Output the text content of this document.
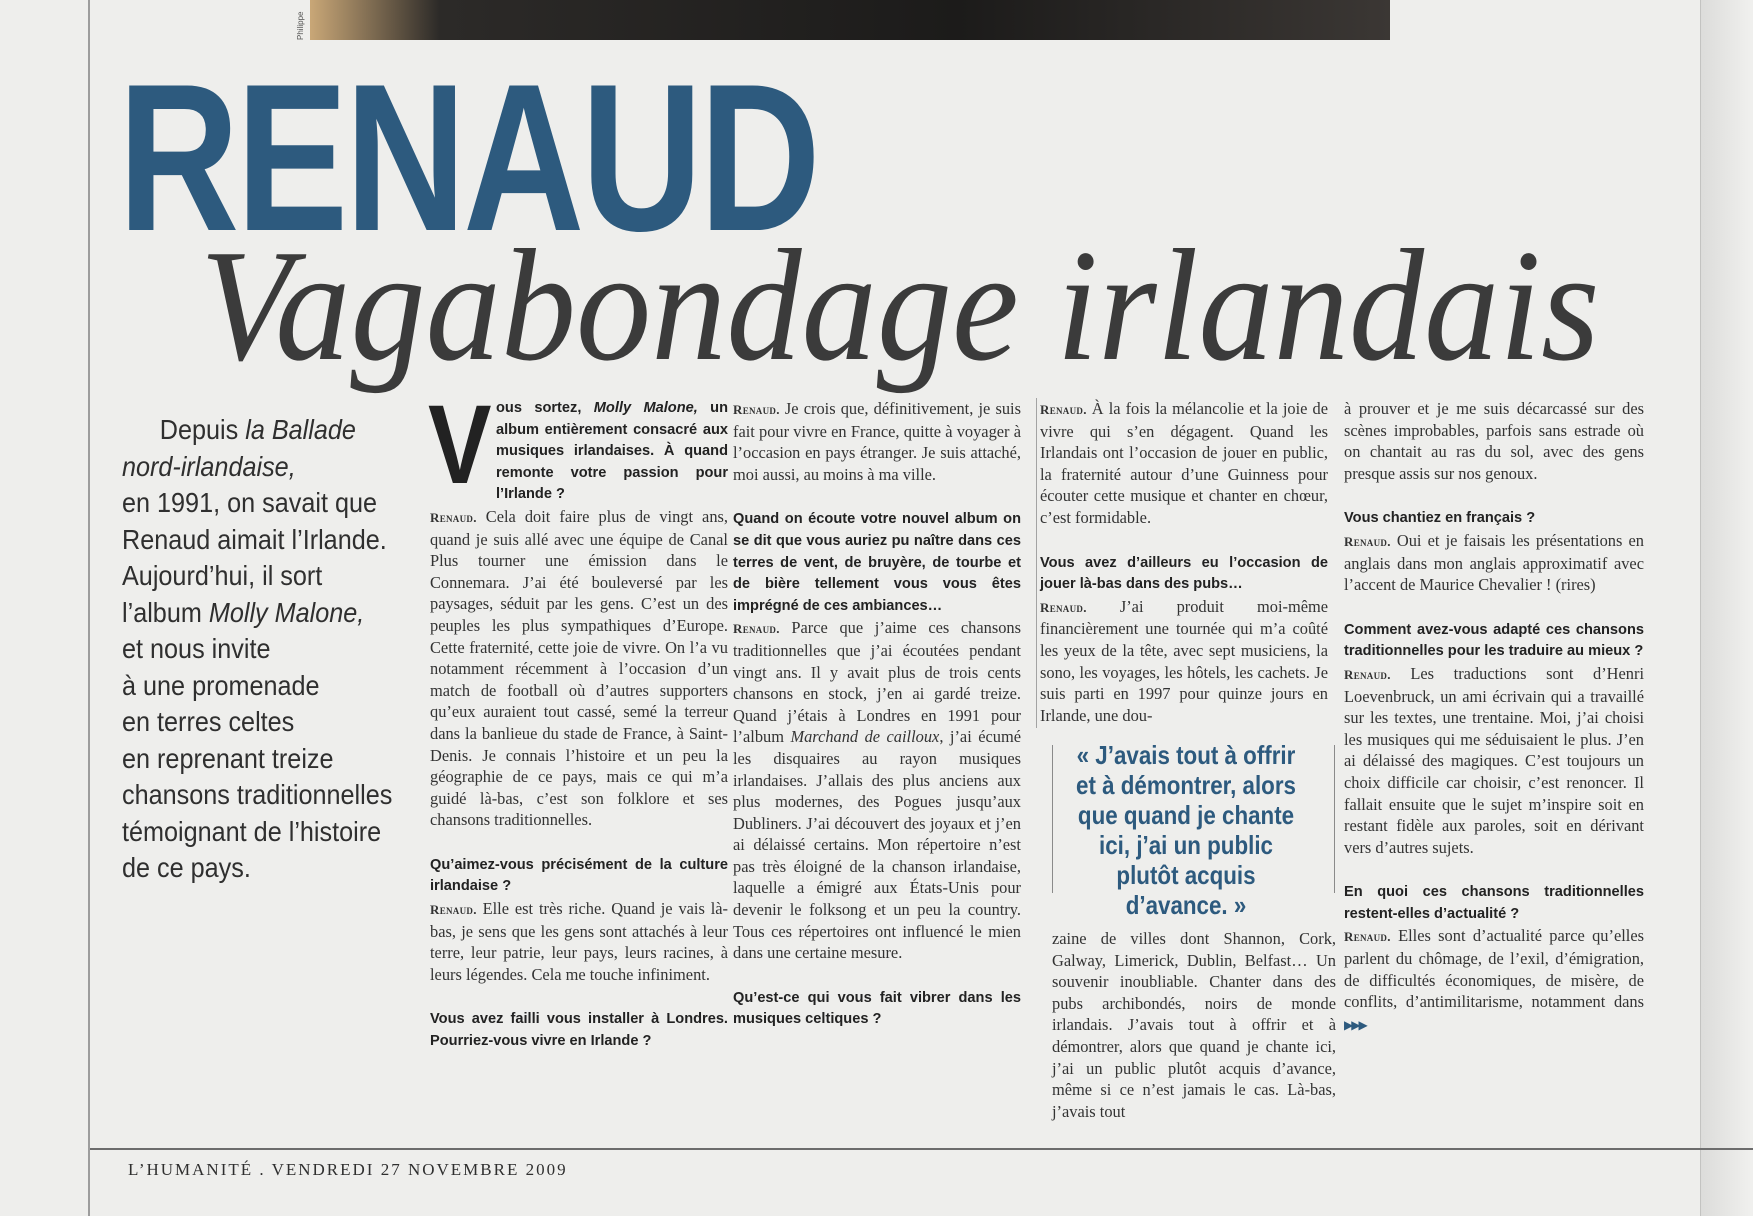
Philippe
RENAUD
Vagabondage irlandais
Depuis la Ballade
nord-irlandaise,
en 1991, on savait que
Renaud aimait l’Irlande.
Aujourd’hui, il sort
l’album Molly Malone,
et nous invite
à une promenade
en terres celtes
en reprenant treize
chansons traditionnelles
témoignant de l’histoire
de ce pays.
V ous sortez, Molly Malone, un album entièrement consacré aux musiques irlandaises. À quand remonte votre passion pour l’Irlande ?

Renaud. Cela doit faire plus de vingt ans, quand je suis allé avec une équipe de Canal Plus tourner une émission dans le Connemara. J’ai été bouleversé par les paysages, séduit par les gens. C’est un des peuples les plus sympathiques d’Europe. Cette fraternité, cette joie de vivre. On l’a vu notamment récemment à l’occasion d’un match de football où d’autres supporters qu’eux auraient tout cassé, semé la terreur dans la banlieue du stade de France, à Saint-Denis. Je connais l’histoire et un peu la géographie de ce pays, mais ce qui m’a guidé là-bas, c’est son folklore et ses chansons traditionnelles.

Qu’aimez-vous précisément de la culture irlandaise ?

Renaud. Elle est très riche. Quand je vais là-bas, je sens que les gens sont attachés à leur terre, leur patrie, leur pays, leurs racines, à leurs légendes. Cela me touche infiniment.

Vous avez failli vous installer à Londres. Pourriez-vous vivre en Irlande ?

Renaud. Je crois que, définitivement, je suis fait pour vivre en France, quitte à voyager à l’occasion en pays étranger. Je suis attaché, moi aussi, au moins à ma ville.

Quand on écoute votre nouvel album on se dit que vous auriez pu naître dans ces terres de vent, de bruyère, de tourbe et de bière tellement vous vous êtes imprégné de ces ambiances…

Renaud. Parce que j’aime ces chansons traditionnelles que j’ai écoutées pendant vingt ans. Il y avait plus de trois cents chansons en stock, j’en ai gardé treize. Quand j’étais à Londres en 1991 pour l’album Marchand de cailloux, j’ai écumé les disquaires au rayon musiques irlandaises. J’allais des plus anciens aux plus modernes, des Pogues jusqu’aux Dubliners. J’ai découvert des joyaux et j’en ai délaissé certains. Mon répertoire n’est pas très éloigné de la chanson irlandaise, laquelle a émigré aux États-Unis pour devenir le folksong et un peu la country. Tous ces répertoires ont influencé le mien dans une certaine mesure.

Qu’est-ce qui vous fait vibrer dans les musiques celtiques ?

Renaud. À la fois la mélancolie et la joie de vivre qui s’en dégagent. Quand les Irlandais ont l’occasion de jouer en public, la fraternité autour d’une Guinness pour écouter cette musique et chanter en chœur, c’est formidable.

Vous avez d’ailleurs eu l’occasion de jouer là-bas dans des pubs…

Renaud. J’ai produit moi-même financièrement une tournée qui m’a coûté les yeux de la tête, avec sept musiciens, la sono, les voyages, les hôtels, les cachets. Je suis parti en 1997 pour quinze jours en Irlande, une dou-

« J’avais tout à offrir et à démontrer, alors que quand je chante ici, j’ai un public plutôt acquis d’avance. »

zaine de villes dont Shannon, Cork, Galway, Limerick, Dublin, Belfast… Un souvenir inoubliable. Chanter dans des pubs archibondés, noirs de monde irlandais. J’avais tout à offrir et à démontrer, alors que quand je chante ici, j’ai un public plutôt acquis d’avance, même si ce n’est jamais le cas. Là-bas, j’avais tout

à prouver et je me suis décarcassé sur des scènes improbables, parfois sans estrade où on chantait au ras du sol, avec des gens presque assis sur nos genoux.

Vous chantiez en français ?

Renaud. Oui et je faisais les présentations en anglais dans mon anglais approximatif avec l’accent de Maurice Chevalier ! (rires)

Comment avez-vous adapté ces chansons traditionnelles pour les traduire au mieux ?

Renaud. Les traductions sont d’Henri Loevenbruck, un ami écrivain qui a travaillé sur les textes, une trentaine. Moi, j’ai choisi les musiques qui me séduisaient le plus. J’en ai délaissé des magiques. C’est toujours un choix difficile car choisir, c’est renoncer. Il fallait ensuite que le sujet m’inspire soit en restant fidèle aux paroles, soit en dérivant vers d’autres sujets.

En quoi ces chansons traditionnelles restent-elles d’actualité ?

Renaud. Elles sont d’actualité parce qu’elles parlent du chômage, de l’exil, d’émigration, de difficultés économiques, de misère, de conflits, d’antimilitarisme, notamment dans ▶▶▶

L’HUMANITÉ . VENDREDI 27 NOVEMBRE 2009
